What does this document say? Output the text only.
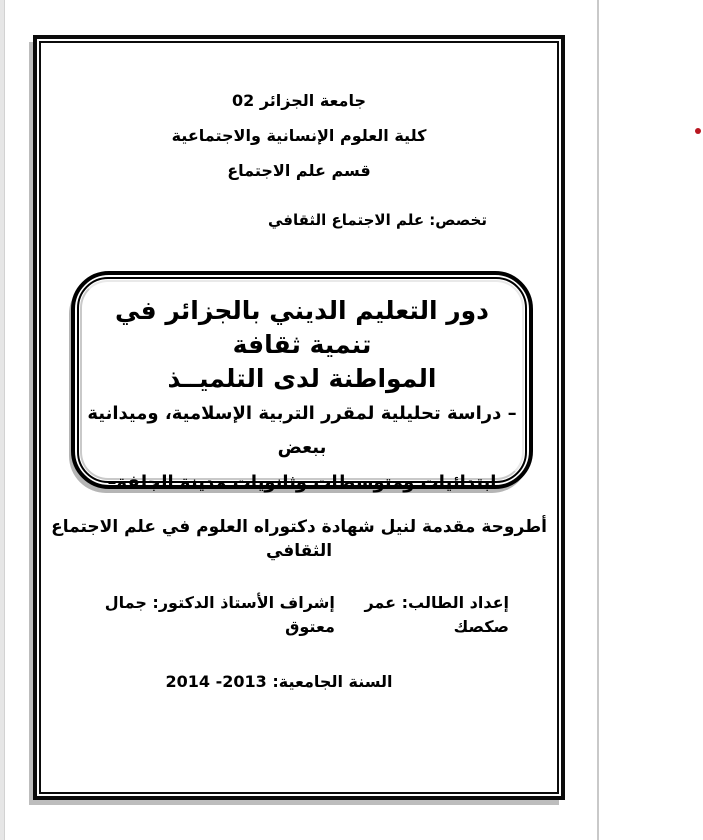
جامعة الجزائر 02
كلية العلوم الإنسانية والاجتماعية
قسم علم الاجتماع
تخصص: علم الاجتماع الثقافي
دور التعليم الديني بالجزائر في تنمية ثقافة
المواطنة لدى التلميــذ
– دراسة تحليلية لمقرر التربية الإسلامية، وميدانية ببعض
ابتدائيات ومتوسطات وثانويات مدينة الجلفة–
أطروحة مقدمة لنيل شهادة دكتوراه العلوم في علم الاجتماع الثقافي
إعداد الطالب: عمر صكصك
إشراف الأستاذ الدكتور: جمال معتوق
السنة الجامعية: 2013- 2014
